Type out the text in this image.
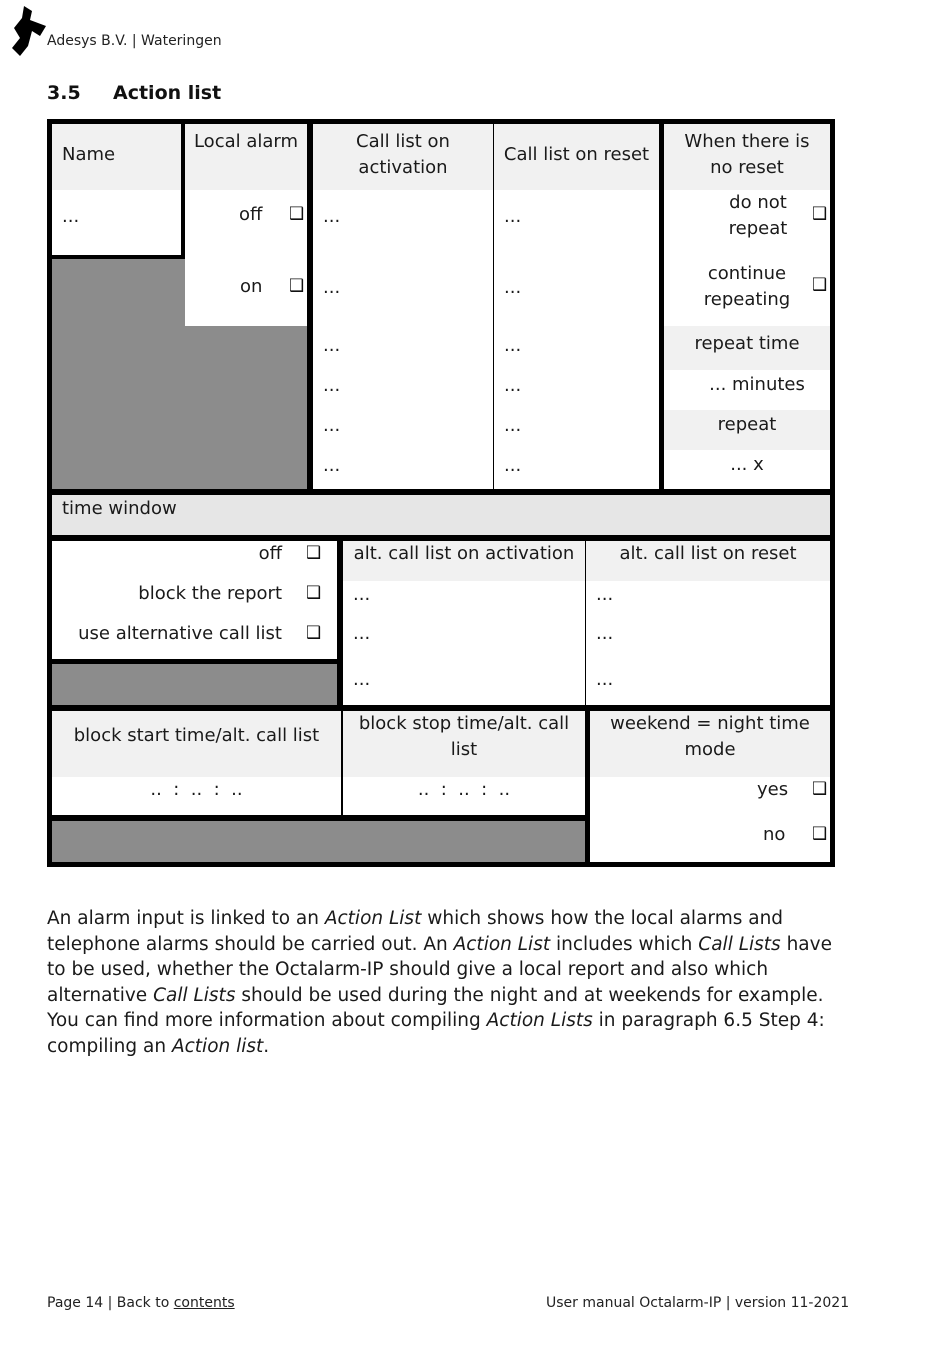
Adesys B.V. | Wateringen
3.5 Action list
Name
...
Local alarm
off ❑
on ❑
Call list on activation
...
...
...
...
...
...
Call list on reset
...
...
...
...
...
...
When there is no reset
do not repeat
❑
continue repeating
❑
repeat time
... minutes
repeat
... x
time window
off ❑
block the report ❑
use alternative call list ❑
alt. call list on activation
...
...
...
alt. call list on reset
...
...
...
block start time/alt. call list
..  :  ..  :  ..
block stop time/alt. call list
..  :  ..  :  ..
weekend = night time mode
yes ❑
no ❑
An alarm input is linked to an Action List which shows how the local alarms and telephone alarms should be carried out. An Action List includes which Call Lists have to be used, whether the Octalarm-IP should give a local report and also which alternative Call Lists should be used during the night and at weekends for example. You can find more information about compiling Action Lists in paragraph 6.5 Step 4: compiling an Action list.
Page 14 | Back to contents	User manual Octalarm-IP | version 11-2021
